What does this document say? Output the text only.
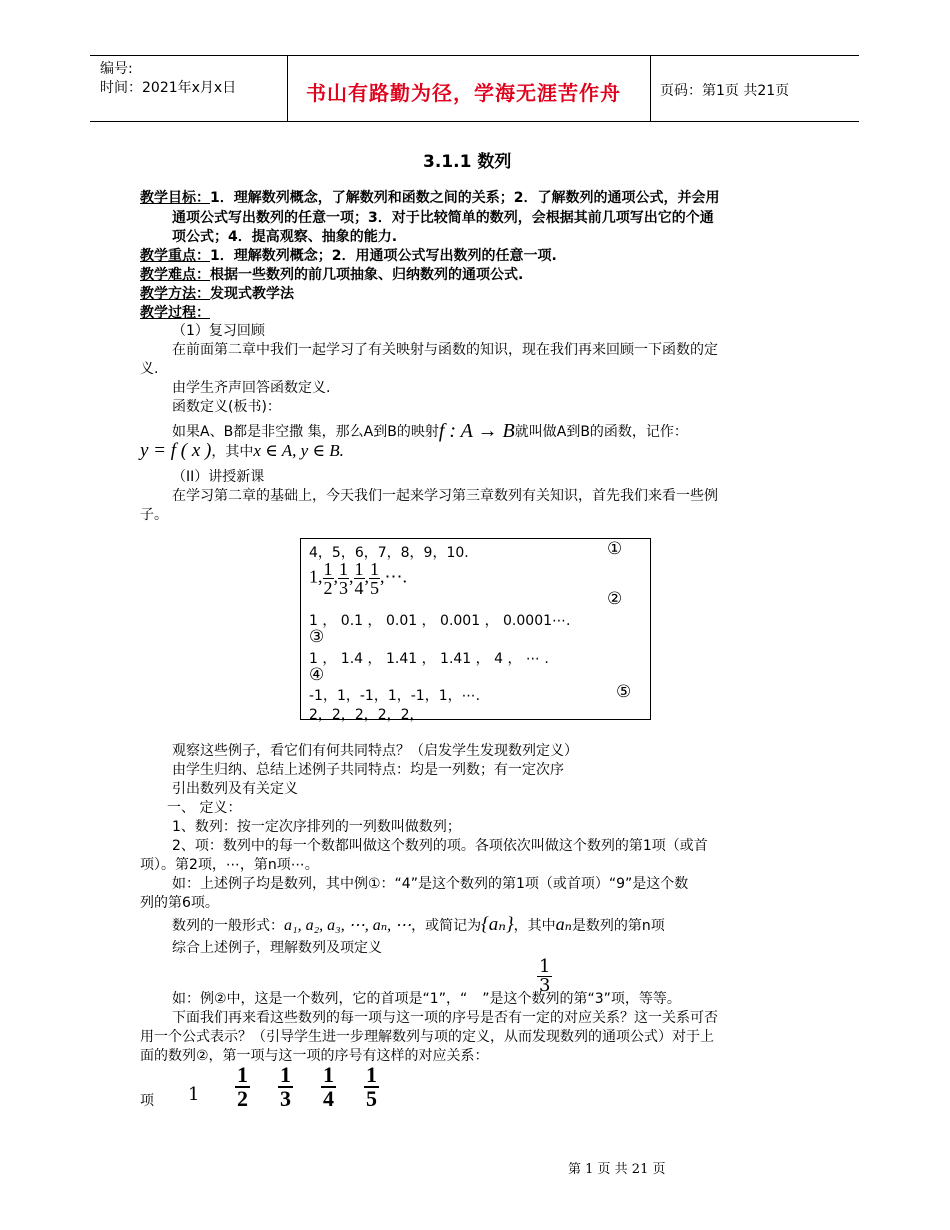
编号:
时间：2021年x月x日	书山有路勤为径，学海无涯苦作舟	页码：第1页 共21页
3.1.1 数列
教学目标：1．理解数列概念，了解数列和函数之间的关系；2．了解数列的通项公式，并会用
通项公式写出数列的任意一项；3．对于比较简单的数列，会根据其前几项写出它的个通
项公式；4．提高观察、抽象的能力.
教学重点：1．理解数列概念；2．用通项公式写出数列的任意一项.
教学难点：根据一些数列的前几项抽象、归纳数列的通项公式.
教学方法：发现式教学法
教学过程：
（1）复习回顾
在前面第二章中我们一起学习了有关映射与函数的知识，现在我们再来回顾一下函数的定
义.
由学生齐声回答函数定义.
函数定义(板书)：
如果A、B都是非空撒 集，那么A到B的映射f : A → B就叫做A到B的函数，记作：
y = f ( x )，其中x ∈ A, y ∈ B.
（II）讲授新课
在学习第二章的基础上，今天我们一起来学习第三章数列有关知识，首先我们来看一些例
子。
4，5，6，7，8，9，10.	①
1, $\frac{1}{2}$ , $\frac{1}{3}$ , $\frac{1}{4}$ , $\frac{1}{5}$ ,⋯.
②
1 ， 0.1 ， 0.01 ， 0.001 ， 0.0001⋯.
③
1 ， 1.4 ， 1.41 ， 1.41 ， 4 ， ⋯ .
④
-1，1，-1，1，-1，1，⋯.	⑤
2，2，2，2，2，
观察这些例子，看它们有何共同特点？（启发学生发现数列定义）
由学生归纳、总结上述例子共同特点：均是一列数；有一定次序
引出数列及有关定义
一、 定义：
1、数列：按一定次序排列的一列数叫做数列；
2、项：数列中的每一个数都叫做这个数列的项。各项依次叫做这个数列的第1项（或首
项）。第2项，⋯，第n项⋯。
如：上述例子均是数列，其中例①：“4”是这个数列的第1项（或首项）“9”是这个数
列的第6项。
数列的一般形式：a₁, a₂, a₃, ⋯, aₙ, ⋯，或简记为{aₙ}，其中aₙ是数列的第n项
综合上述例子，理解数列及项定义
1
3
如：例②中，这是一个数列，它的首项是“1”，“ ”是这个数列的第“3”项，等等。
下面我们再来看这些数列的每一项与这一项的序号是否有一定的对应关系？这一关系可否
用一个公式表示？（引导学生进一步理解数列与项的定义，从而发现数列的通项公式）对于上
面的数列②，第一项与这一项的序号有这样的对应关系：
项 $1 \frac{1}{2} \frac{1}{3} \frac{1}{4} \frac{1}{5}$
第 1 页 共 21 页
